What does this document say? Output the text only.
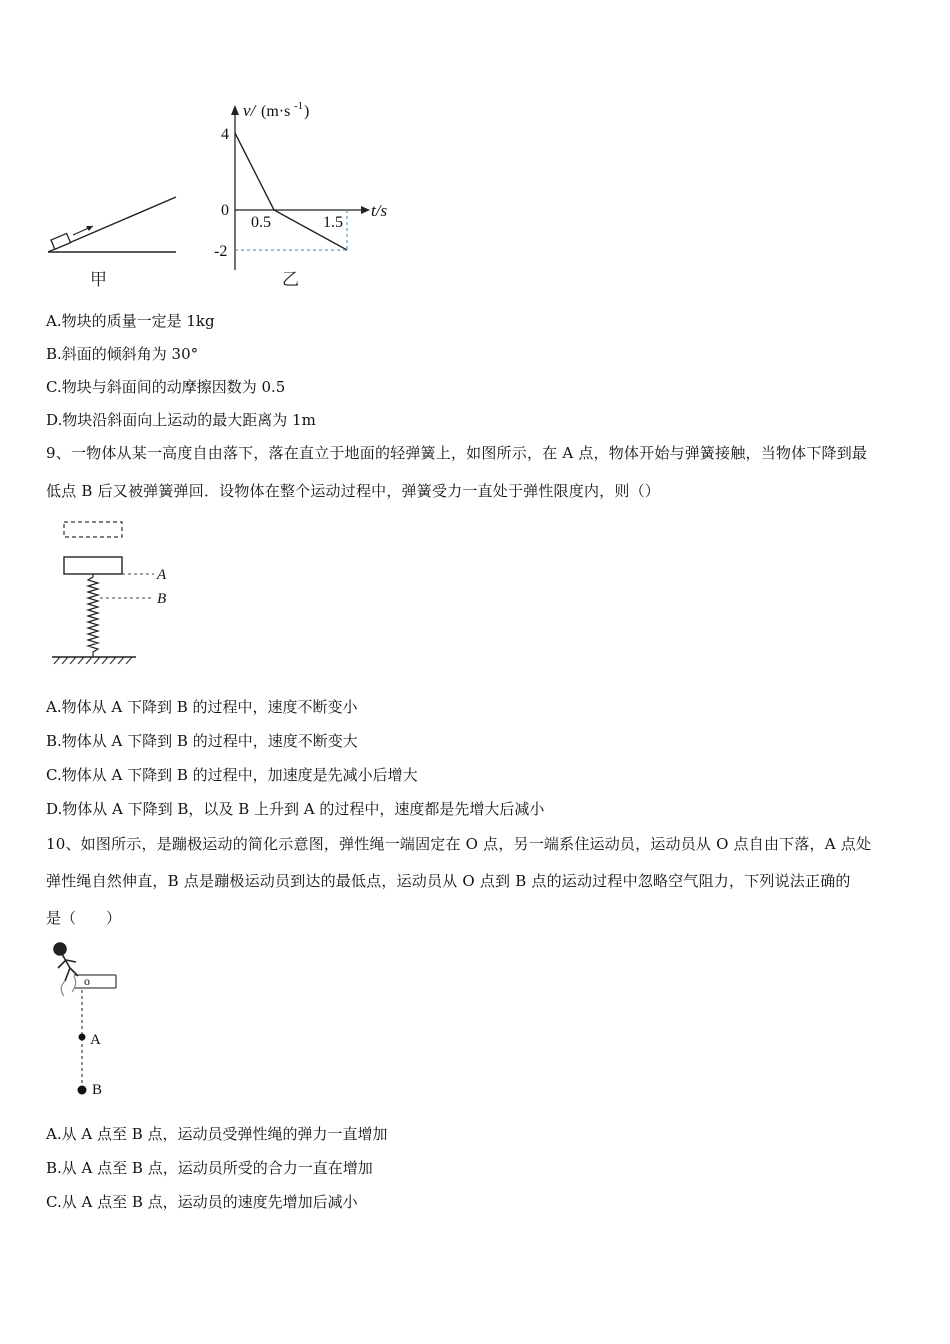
甲
v/ (m·s -1 )
4
0
-2
0.5	1.5
t/s
乙
A.物块的质量一定是 1kg
B.斜面的倾斜角为 30°
C.物块与斜面间的动摩擦因数为 0.5
D.物块沿斜面向上运动的最大距离为 1m
9、一物体从某一高度自由落下，落在直立于地面的轻弹簧上，如图所示，在 A 点，物体开始与弹簧接触，当物体下降到最
低点 B 后又被弹簧弹回．设物体在整个运动过程中，弹簧受力一直处于弹性限度内，则（）
A
B
A.物体从 A 下降到 B 的过程中，速度不断变小
B.物体从 A 下降到 B 的过程中，速度不断变大
C.物体从 A 下降到 B 的过程中，加速度是先减小后增大
D.物体从 A 下降到 B，以及 B 上升到 A 的过程中，速度都是先增大后减小
10、如图所示，是蹦极运动的简化示意图，弹性绳一端固定在 O 点，另一端系住运动员，运动员从 O 点自由下落，A 点处
弹性绳自然伸直，B 点是蹦极运动员到达的最低点，运动员从 O 点到 B 点的运动过程中忽略空气阻力，下列说法正确的
是（　　）
o
A
B
A.从 A 点至 B 点，运动员受弹性绳的弹力一直增加
B.从 A 点至 B 点，运动员所受的合力一直在增加
C.从 A 点至 B 点，运动员的速度先增加后减小
